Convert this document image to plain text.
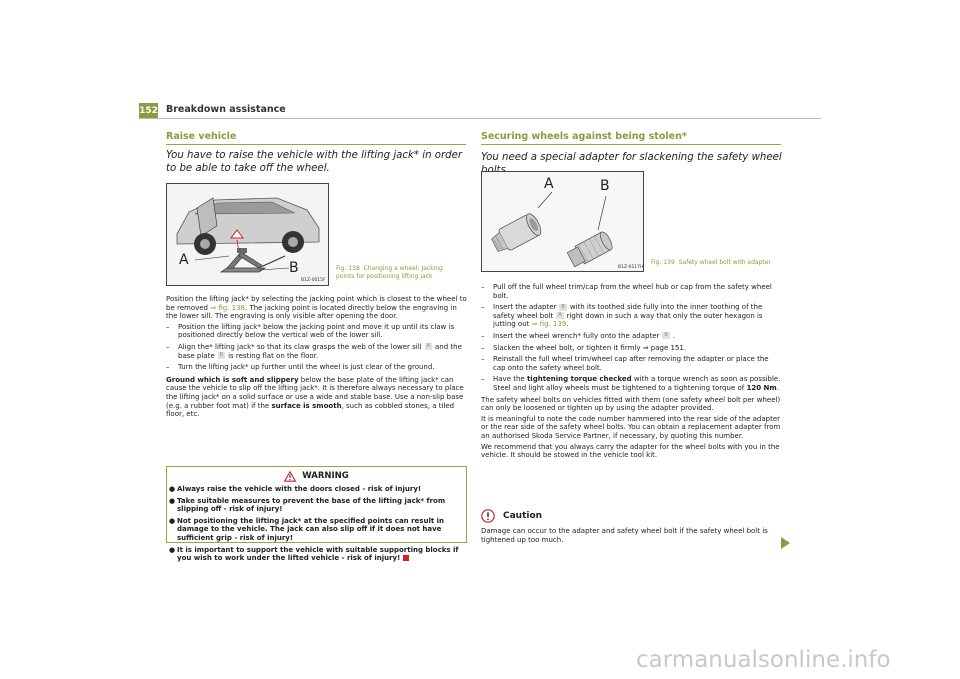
152 Breakdown assistance
Raise vehicle
You have to raise the vehicle with the lifting jack* in order to be able to take off the wheel.
B1Z-0015F
A	B	Fig. 138 Changing a wheel: Jacking points for positioning lifting jack

Position the lifting jack* by selecting the jacking point which is closest to the wheel to be removed ⇒ fig. 138. The jacking point is located directly below the engraving in the lower sill. The engraving is only visible after opening the door.

– Position the lifting jack* below the jacking point and move it up until its claw is positioned directly below the vertical web of the lower sill.
– Align the* lifting jack* so that its claw grasps the web of the lower sill A and the base plate B is resting flat on the floor.
– Turn the lifting jack* up further until the wheel is just clear of the ground.

Ground which is soft and slippery below the base plate of the lifting jack* can cause the vehicle to slip off the lifting jack*. It is therefore always necessary to place the lifting jack* on a solid surface or use a wide and stable base. Use a non-slip base (e.g. a rubber foot mat) if the surface is smooth, such as cobbled stones, a tiled floor, etc.

WARNING
● Always raise the vehicle with the doors closed - risk of injury!
● Take suitable measures to prevent the base of the lifting jack* from slipping off - risk of injury!
● Not positioning the lifting jack* at the specified points can result in damage to the vehicle. The jack can also slip off if it does not have sufficient grip - risk of injury!
● It is important to support the vehicle with suitable supporting blocks if you wish to work under the lifted vehicle - risk of injury!
Securing wheels against being stolen*
You need a special adapter for slackening the safety wheel
B1Z-0117H
A	B
Fig. 139 Safety wheel bolt with adapter
– Pull off the full wheel trim/cap from the wheel hub or cap from the safety wheel bolt.
– Insert the adapter B with its toothed side fully into the inner toothing of the safety wheel bolt A right down in such a way that only the outer hexagon is jutting out ⇒ fig. 139.
– Insert the wheel wrench* fully onto the adapter B .
– Slacken the wheel bolt, or tighten it firmly ⇒ page 151.
– Reinstall the full wheel trim/wheel cap after removing the adapter or place the cap onto the safety wheel bolt.
– Have the tightening torque checked with a torque wrench as soon as possible. Steel and light alloy wheels must be tightened to a tightening torque of 120 Nm.

The safety wheel bolts on vehicles fitted with them (one safety wheel bolt per wheel) can only be loosened or tighten up by using the adapter provided.

It is meaningful to note the code number hammered into the rear side of the adapter or the rear side of the safety wheel bolts. You can obtain a replacement adapter from an authorised Skoda Service Partner, if necessary, by quoting this number.

We recommend that you always carry the adapter for the wheel bolts with you in the vehicle. It should be stowed in the vehicle tool kit.

Caution
Damage can occur to the adapter and safety wheel bolt if the safety wheel bolt is tightened up too much.
carmanualsonline.info
